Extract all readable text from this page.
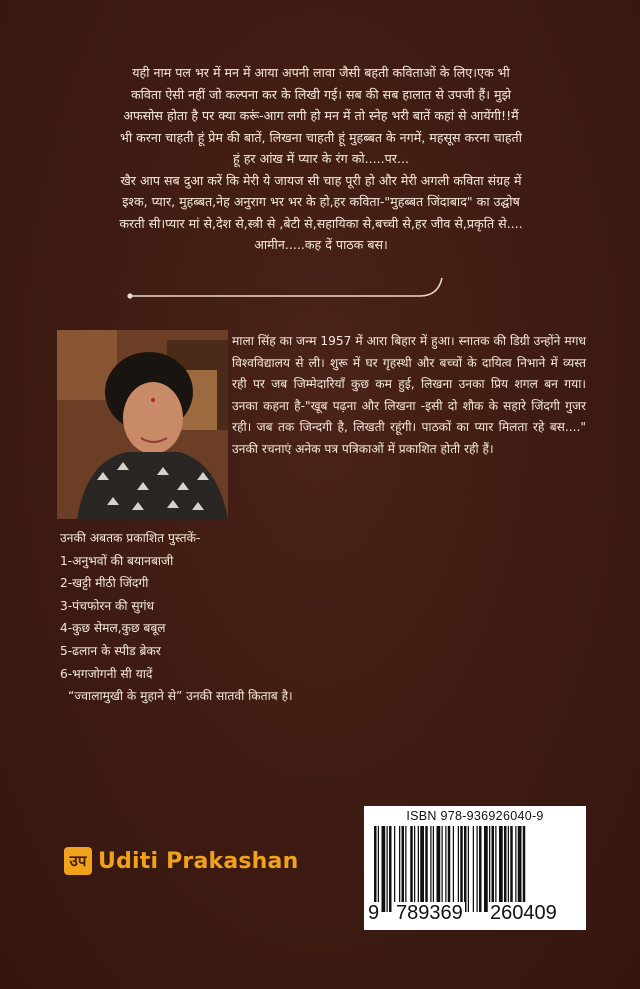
यही नाम पल भर में मन में आया अपनी लावा जैसी बहती कविताओं के लिए।एक भी

कविता ऐसी नहीं जो कल्पना कर के लिखी गई। सब की सब हालात से उपजी हैं। मुझे

अफसोस होता है पर क्या करूं-आग लगी हो मन में तो स्नेह भरी बातें कहां से आयेंगी!!मैं

भी करना चाहती हूं प्रेम की बातें, लिखना चाहती हूं मुहब्बत के नगमें, महसूस करना चाहती

हूं हर आंख में प्यार के रंग को.....पर...

खैर आप सब दुआ करें कि मेरी ये जायज सी चाह पूरी हो और मेरी अगली कविता संग्रह में

इश्क, प्यार, मुहब्बत,नेह अनुराग भर भर के हो,हर कविता-"मुहब्बत जिंदाबाद" का उद्घोष

करती सी।प्यार मां से,देश से,स्त्री से ,बेटी से,सहायिका से,बच्ची से,हर जीव से,प्रकृति से....

आमीन.....कह दें पाठक बस।

माला सिंह का जन्म 1957 में आरा बिहार में हुआ। स्नातक की डिग्री उन्होंने मगध विश्वविद्यालय से ली। शुरू में घर गृहस्थी और बच्चों के दायित्व निभाने में व्यस्त रही पर जब जिम्मेदारियाँ कुछ कम हुई, लिखना उनका प्रिय शगल बन गया। उनका कहना है-"खूब पढ़ना और लिखना -इसी दो शौक के सहारे जिंदगी गुजर रही। जब तक जिन्दगी है, लिखती रहूंगी। पाठकों का प्यार मिलता रहे बस...." उनकी रचनाएं अनेक पत्र पत्रिकाओं में प्रकाशित होती रही हैं।
उनकी अबतक प्रकाशित पुस्तकें-
1-अनुभवों की बयानबाजी
2-खट्टी मीठी जिंदगी
3-पंचफोरन की सुगंध
4-कुछ सेमल,कुछ बबूल
5-ढलान के स्पीड ब्रेकर
6-भगजोगनी सी यादें
“ज्वालामुखी के मुहाने से” उनकी सातवी किताब है।
उप Uditi Prakashan
ISBN 978-936926040-9
9 789369 260409
